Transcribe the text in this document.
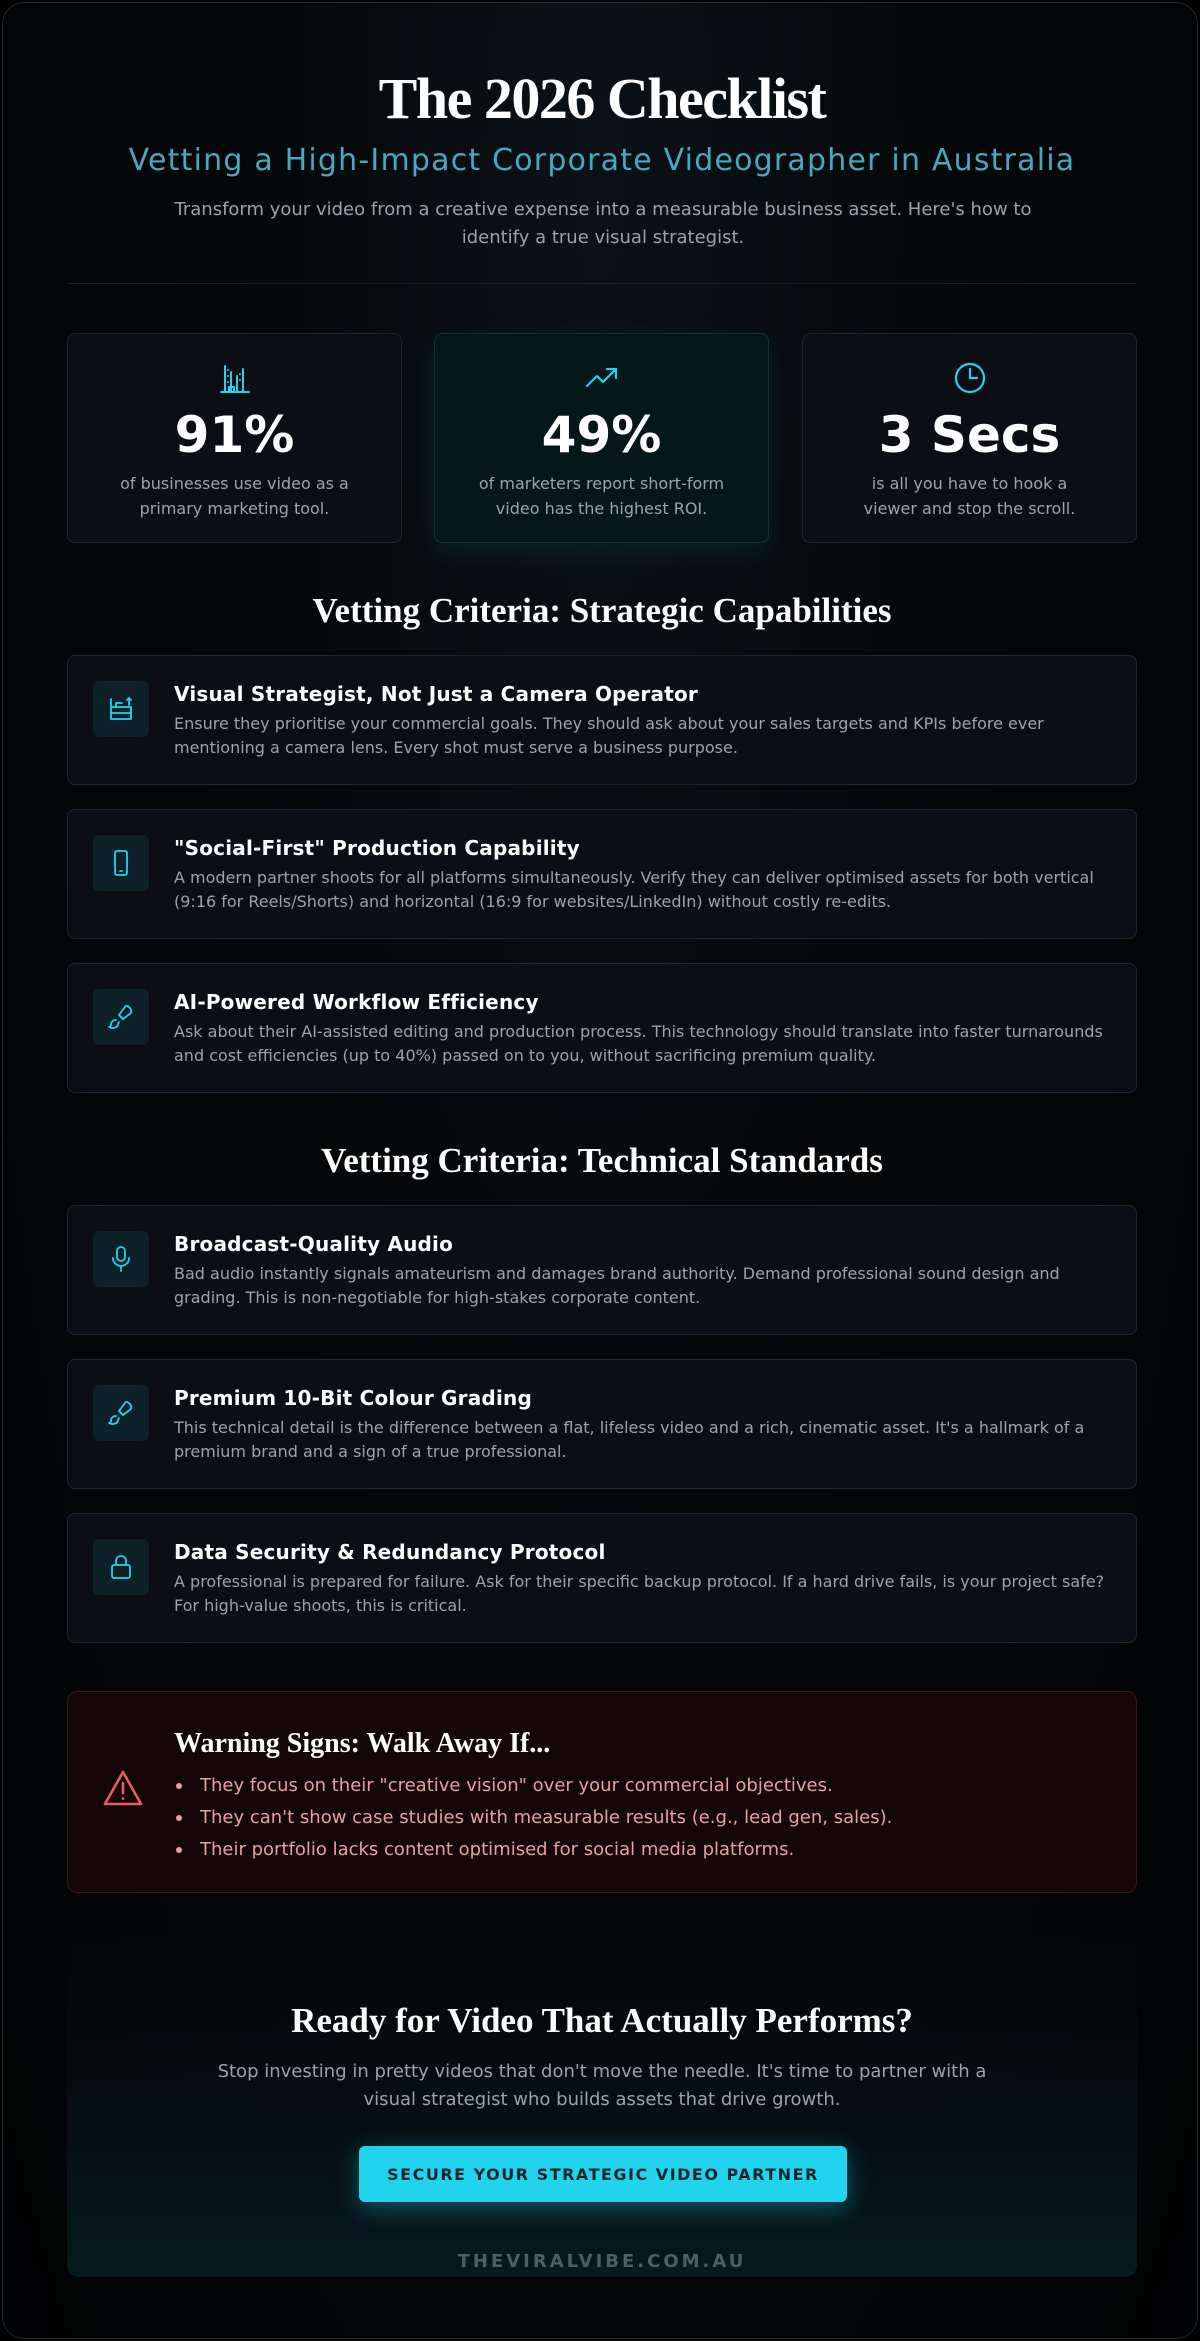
The 2026 Checklist
Vetting a High-Impact Corporate Videographer in Australia
Transform your video from a creative expense into a measurable business asset. Here's how to identify a true visual strategist.
91%
of businesses use video as a primary marketing tool.
49%
of marketers report short-form video has the highest ROI.
3 Secs
is all you have to hook a viewer and stop the scroll.
Vetting Criteria: Strategic Capabilities
Visual Strategist, Not Just a Camera Operator
Ensure they prioritise your commercial goals. They should ask about your sales targets and KPIs before ever mentioning a camera lens. Every shot must serve a business purpose.
"Social-First" Production Capability
A modern partner shoots for all platforms simultaneously. Verify they can deliver optimised assets for both vertical (9:16 for Reels/Shorts) and horizontal (16:9 for websites/LinkedIn) without costly re-edits.
AI-Powered Workflow Efficiency
Ask about their AI-assisted editing and production process. This technology should translate into faster turnarounds and cost efficiencies (up to 40%) passed on to you, without sacrificing premium quality.
Vetting Criteria: Technical Standards
Broadcast-Quality Audio
Bad audio instantly signals amateurism and damages brand authority. Demand professional sound design and grading. This is non-negotiable for high-stakes corporate content.
Premium 10-Bit Colour Grading
This technical detail is the difference between a flat, lifeless video and a rich, cinematic asset. It's a hallmark of a premium brand and a sign of a true professional.
Data Security & Redundancy Protocol
A professional is prepared for failure. Ask for their specific backup protocol. If a hard drive fails, is your project safe? For high-value shoots, this is critical.
Warning Signs: Walk Away If...
They focus on their "creative vision" over your commercial objectives.
They can't show case studies with measurable results (e.g., lead gen, sales).
Their portfolio lacks content optimised for social media platforms.
Ready for Video That Actually Performs?
Stop investing in pretty videos that don't move the needle. It's time to partner with a visual strategist who builds assets that drive growth.
SECURE YOUR STRATEGIC VIDEO PARTNER
THEVIRALVIBE.COM.AU
